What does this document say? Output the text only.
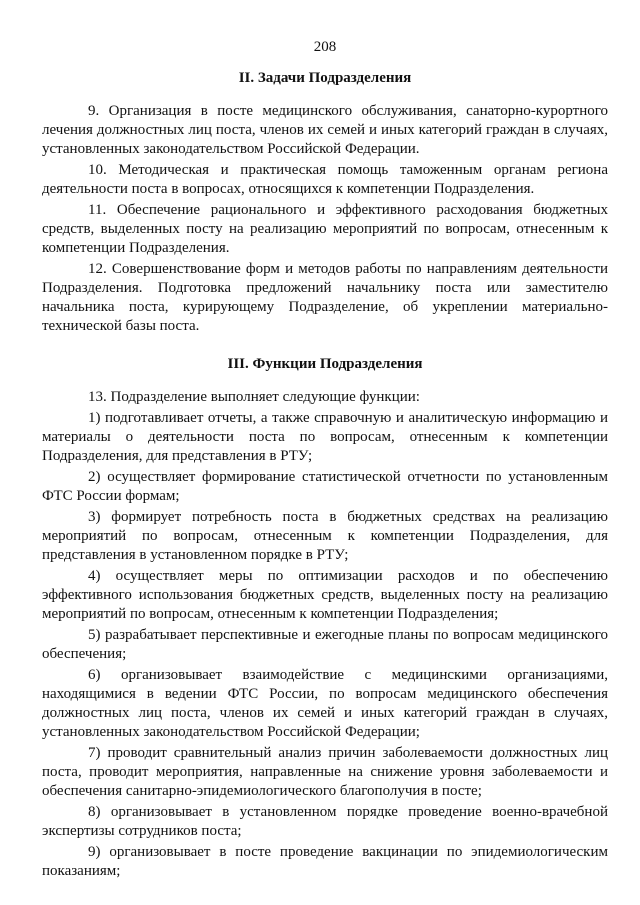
208
II. Задачи Подразделения

9. Организация в посте медицинского обслуживания, санаторно-курортного лечения должностных лиц поста, членов их семей и иных категорий граждан в случаях, установленных законодательством Российской Федерации.

10. Методическая и практическая помощь таможенным органам региона деятельности поста в вопросах, относящихся к компетенции Подразделения.

11. Обеспечение рационального и эффективного расходования бюджетных средств, выделенных посту на реализацию мероприятий по вопросам, отнесенным к компетенции Подразделения.

12. Совершенствование форм и методов работы по направлениям деятельности Подразделения. Подготовка предложений начальнику поста или заместителю начальника поста, курирующему Подразделение, об укреплении материально-технической базы поста.

III. Функции Подразделения

13. Подразделение выполняет следующие функции:

1) подготавливает отчеты, а также справочную и аналитическую информацию и материалы о деятельности поста по вопросам, отнесенным к компетенции Подразделения, для представления в РТУ;

2) осуществляет формирование статистической отчетности по установленным ФТС России формам;

3) формирует потребность поста в бюджетных средствах на реализацию мероприятий по вопросам, отнесенным к компетенции Подразделения, для представления в установленном порядке в РТУ;

4) осуществляет меры по оптимизации расходов и по обеспечению эффективного использования бюджетных средств, выделенных посту на реализацию мероприятий по вопросам, отнесенным к компетенции Подразделения;

5) разрабатывает перспективные и ежегодные планы по вопросам медицинского обеспечения;

6) организовывает взаимодействие с медицинскими организациями, находящимися в ведении ФТС России, по вопросам медицинского обеспечения должностных лиц поста, членов их семей и иных категорий граждан в случаях, установленных законодательством Российской Федерации;

7) проводит сравнительный анализ причин заболеваемости должностных лиц поста, проводит мероприятия, направленные на снижение уровня заболеваемости и обеспечения санитарно-эпидемиологического благополучия в посте;

8) организовывает в установленном порядке проведение военно-врачебной экспертизы сотрудников поста;

9) организовывает в посте проведение вакцинации по эпидемиологическим показаниям;
